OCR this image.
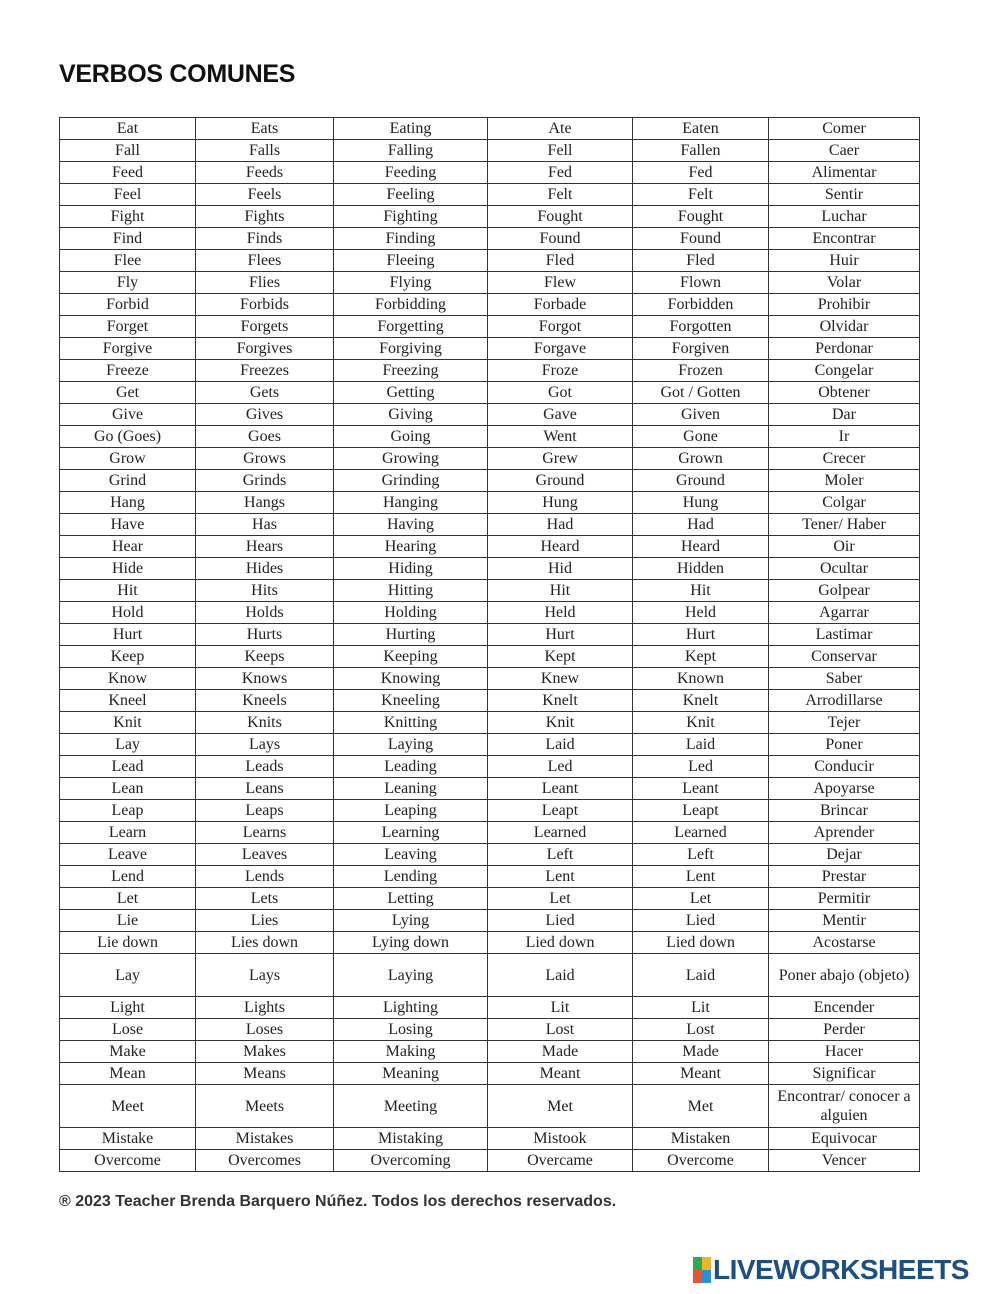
VERBOS COMUNES
Eat	Eats	Eating	Ate	Eaten	Comer
Fall	Falls	Falling	Fell	Fallen	Caer
Feed	Feeds	Feeding	Fed	Fed	Alimentar
Feel	Feels	Feeling	Felt	Felt	Sentir
Fight	Fights	Fighting	Fought	Fought	Luchar
Find	Finds	Finding	Found	Found	Encontrar
Flee	Flees	Fleeing	Fled	Fled	Huir
Fly	Flies	Flying	Flew	Flown	Volar
Forbid	Forbids	Forbidding	Forbade	Forbidden	Prohibir
Forget	Forgets	Forgetting	Forgot	Forgotten	Olvidar
Forgive	Forgives	Forgiving	Forgave	Forgiven	Perdonar
Freeze	Freezes	Freezing	Froze	Frozen	Congelar
Get	Gets	Getting	Got	Got / Gotten	Obtener
Give	Gives	Giving	Gave	Given	Dar
Go (Goes)	Goes	Going	Went	Gone	Ir
Grow	Grows	Growing	Grew	Grown	Crecer
Grind	Grinds	Grinding	Ground	Ground	Moler
Hang	Hangs	Hanging	Hung	Hung	Colgar
Have	Has	Having	Had	Had	Tener/ Haber
Hear	Hears	Hearing	Heard	Heard	Oir
Hide	Hides	Hiding	Hid	Hidden	Ocultar
Hit	Hits	Hitting	Hit	Hit	Golpear
Hold	Holds	Holding	Held	Held	Agarrar
Hurt	Hurts	Hurting	Hurt	Hurt	Lastimar
Keep	Keeps	Keeping	Kept	Kept	Conservar
Know	Knows	Knowing	Knew	Known	Saber
Kneel	Kneels	Kneeling	Knelt	Knelt	Arrodillarse
Knit	Knits	Knitting	Knit	Knit	Tejer
Lay	Lays	Laying	Laid	Laid	Poner
Lead	Leads	Leading	Led	Led	Conducir
Lean	Leans	Leaning	Leant	Leant	Apoyarse
Leap	Leaps	Leaping	Leapt	Leapt	Brincar
Learn	Learns	Learning	Learned	Learned	Aprender
Leave	Leaves	Leaving	Left	Left	Dejar
Lend	Lends	Lending	Lent	Lent	Prestar
Let	Lets	Letting	Let	Let	Permitir
Lie	Lies	Lying	Lied	Lied	Mentir
Lie down	Lies down	Lying down	Lied down	Lied down	Acostarse
Lay	Lays	Laying	Laid	Laid	Poner abajo (objeto)
Light	Lights	Lighting	Lit	Lit	Encender
Lose	Loses	Losing	Lost	Lost	Perder
Make	Makes	Making	Made	Made	Hacer
Mean	Means	Meaning	Meant	Meant	Significar
Meet	Meets	Meeting	Met	Met	Encontrar/ conocer a alguien
Mistake	Mistakes	Mistaking	Mistook	Mistaken	Equivocar
Overcome	Overcomes	Overcoming	Overcame	Overcome	Vencer
® 2023 Teacher Brenda Barquero Núñez. Todos los derechos reservados.
LIVEWORKSHEETS
